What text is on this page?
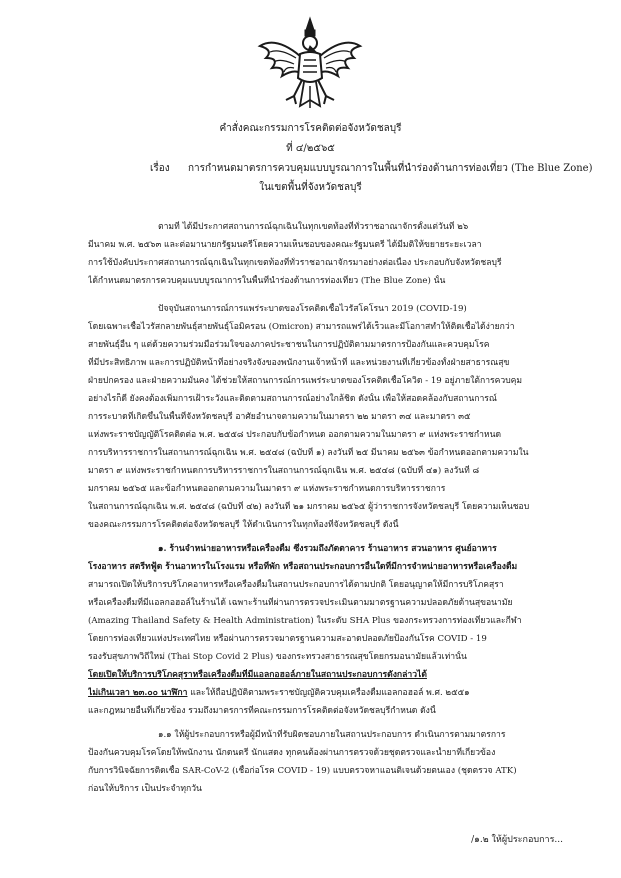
คำสั่งคณะกรรมการโรคติดต่อจังหวัดชลบุรี
ที่ ๔/๒๕๖๕
เรื่อง การกำหนดมาตรการควบคุมแบบบูรณาการในพื้นที่นำร่องด้านการท่องเที่ยว (The Blue Zone)
ในเขตพื้นที่จังหวัดชลบุรี
ตามที่ ได้มีประกาศสถานการณ์ฉุกเฉินในทุกเขตท้องที่ทั่วราชอาณาจักรตั้งแต่วันที่ ๒๖
มีนาคม พ.ศ. ๒๕๖๓ และต่อมานายกรัฐมนตรีโดยความเห็นชอบของคณะรัฐมนตรี ได้มีมติให้ขยายระยะเวลา
การใช้บังคับประกาศสถานการณ์ฉุกเฉินในทุกเขตท้องที่ทั่วราชอาณาจักรมาอย่างต่อเนื่อง ประกอบกับจังหวัดชลบุรี
ได้กำหนดมาตรการควบคุมแบบบูรณาการในพื้นที่นำร่องด้านการท่องเที่ยว (The Blue Zone) นั้น
ปัจจุบันสถานการณ์การแพร่ระบาดของโรคติดเชื้อไวรัสโคโรนา 2019 (COVID-19)
โดยเฉพาะเชื้อไวรัสกลายพันธุ์สายพันธุ์โอมิครอน (Omicron) สามารถแพร่ได้เร็วและมีโอกาสทำให้ติดเชื้อได้ง่ายกว่า
สายพันธุ์อื่น ๆ แต่ด้วยความร่วมมือร่วมใจของภาคประชาชนในการปฏิบัติตามมาตรการป้องกันและควบคุมโรค
ที่มีประสิทธิภาพ และการปฏิบัติหน้าที่อย่างจริงจังของพนักงานเจ้าหน้าที่ และหน่วยงานที่เกี่ยวข้องทั้งฝ่ายสาธารณสุข
ฝ่ายปกครอง และฝ่ายความมั่นคง ได้ช่วยให้สถานการณ์การแพร่ระบาดของโรคติดเชื้อโควิด - 19 อยู่ภายใต้การควบคุม
อย่างไรก็ดี ยังคงต้องเพิ่มการเฝ้าระวังและติดตามสถานการณ์อย่างใกล้ชิด ดังนั้น เพื่อให้สอดคล้องกับสถานการณ์
การระบาดที่เกิดขึ้นในพื้นที่จังหวัดชลบุรี อาศัยอำนาจตามความในมาตรา ๒๒ มาตรา ๓๔ และมาตรา ๓๕
แห่งพระราชบัญญัติโรคติดต่อ พ.ศ. ๒๕๕๘ ประกอบกับข้อกำหนด ออกตามความในมาตรา ๙ แห่งพระราชกำหนด
การบริหารราชการในสถานการณ์ฉุกเฉิน พ.ศ. ๒๕๔๘ (ฉบับที่ ๑) ลงวันที่ ๒๕ มีนาคม ๒๕๖๓ ข้อกำหนดออกตามความใน
มาตรา ๙ แห่งพระราชกำหนดการบริหารราชการในสถานการณ์ฉุกเฉิน พ.ศ. ๒๕๔๘ (ฉบับที่ ๔๑) ลงวันที่ ๘
มกราคม ๒๕๖๕ และข้อกำหนดออกตามความในมาตรา ๙ แห่งพระราชกำหนดการบริหารราชการ
ในสถานการณ์ฉุกเฉิน พ.ศ. ๒๕๔๘ (ฉบับที่ ๔๒) ลงวันที่ ๒๑ มกราคม ๒๕๖๕ ผู้ว่าราชการจังหวัดชลบุรี โดยความเห็นชอบ
ของคณะกรรมการโรคติดต่อจังหวัดชลบุรี ให้ดำเนินการในทุกท้องที่จังหวัดชลบุรี ดังนี้
๑. ร้านจำหน่ายอาหารหรือเครื่องดื่ม ซึ่งรวมถึงภัตตาคาร ร้านอาหาร สวนอาหาร ศูนย์อาหาร
โรงอาหาร สตรีทฟู้ด ร้านอาหารในโรงแรม หรือที่พัก หรือสถานประกอบการอื่นใดที่มีการจำหน่ายอาหารหรือเครื่องดื่ม
สามารถเปิดให้บริการบริโภคอาหารหรือเครื่องดื่มในสถานประกอบการได้ตามปกติ โดยอนุญาตให้มีการบริโภคสุรา
หรือเครื่องดื่มที่มีแอลกอฮอล์ในร้านได้ เฉพาะร้านที่ผ่านการตรวจประเมินตามมาตรฐานความปลอดภัยด้านสุขอนามัย
(Amazing Thailand Safety & Health Administration) ในระดับ SHA Plus ของกระทรวงการท่องเที่ยวและกีฬา
โดยการท่องเที่ยวแห่งประเทศไทย หรือผ่านการตรวจมาตรฐานความสะอาดปลอดภัยป้องกันโรค COVID - 19
รองรับสุขภาพวิถีใหม่ (Thai Stop Covid 2 Plus) ของกระทรวงสาธารณสุขโดยกรมอนามัยแล้วเท่านั้น
โดยเปิดให้บริการบริโภคสุราหรือเครื่องดื่มที่มีแอลกอฮอล์ภายในสถานประกอบการดังกล่าวได้
ไม่เกินเวลา ๒๓.๐๐ นาฬิกา และให้ถือปฏิบัติตามพระราชบัญญัติควบคุมเครื่องดื่มแอลกอฮอล์ พ.ศ. ๒๕๕๑
และกฎหมายอื่นที่เกี่ยวข้อง รวมถึงมาตรการที่คณะกรรมการโรคติดต่อจังหวัดชลบุรีกำหนด ดังนี้
๑.๑ ให้ผู้ประกอบการหรือผู้มีหน้าที่รับผิดชอบภายในสถานประกอบการ ดำเนินการตามมาตรการ
ป้องกันควบคุมโรคโดยให้พนักงาน นักดนตรี นักแสดง ทุกคนต้องผ่านการตรวจด้วยชุดตรวจและน้ำยาที่เกี่ยวข้อง
กับการวินิจฉัยการติดเชื้อ SAR-CoV-2 (เชื้อก่อโรค COVID - 19) แบบตรวจหาแอนติเจนด้วยตนเอง (ชุดตรวจ ATK)
ก่อนให้บริการ เป็นประจำทุกวัน
/๑.๒ ให้ผู้ประกอบการ...
